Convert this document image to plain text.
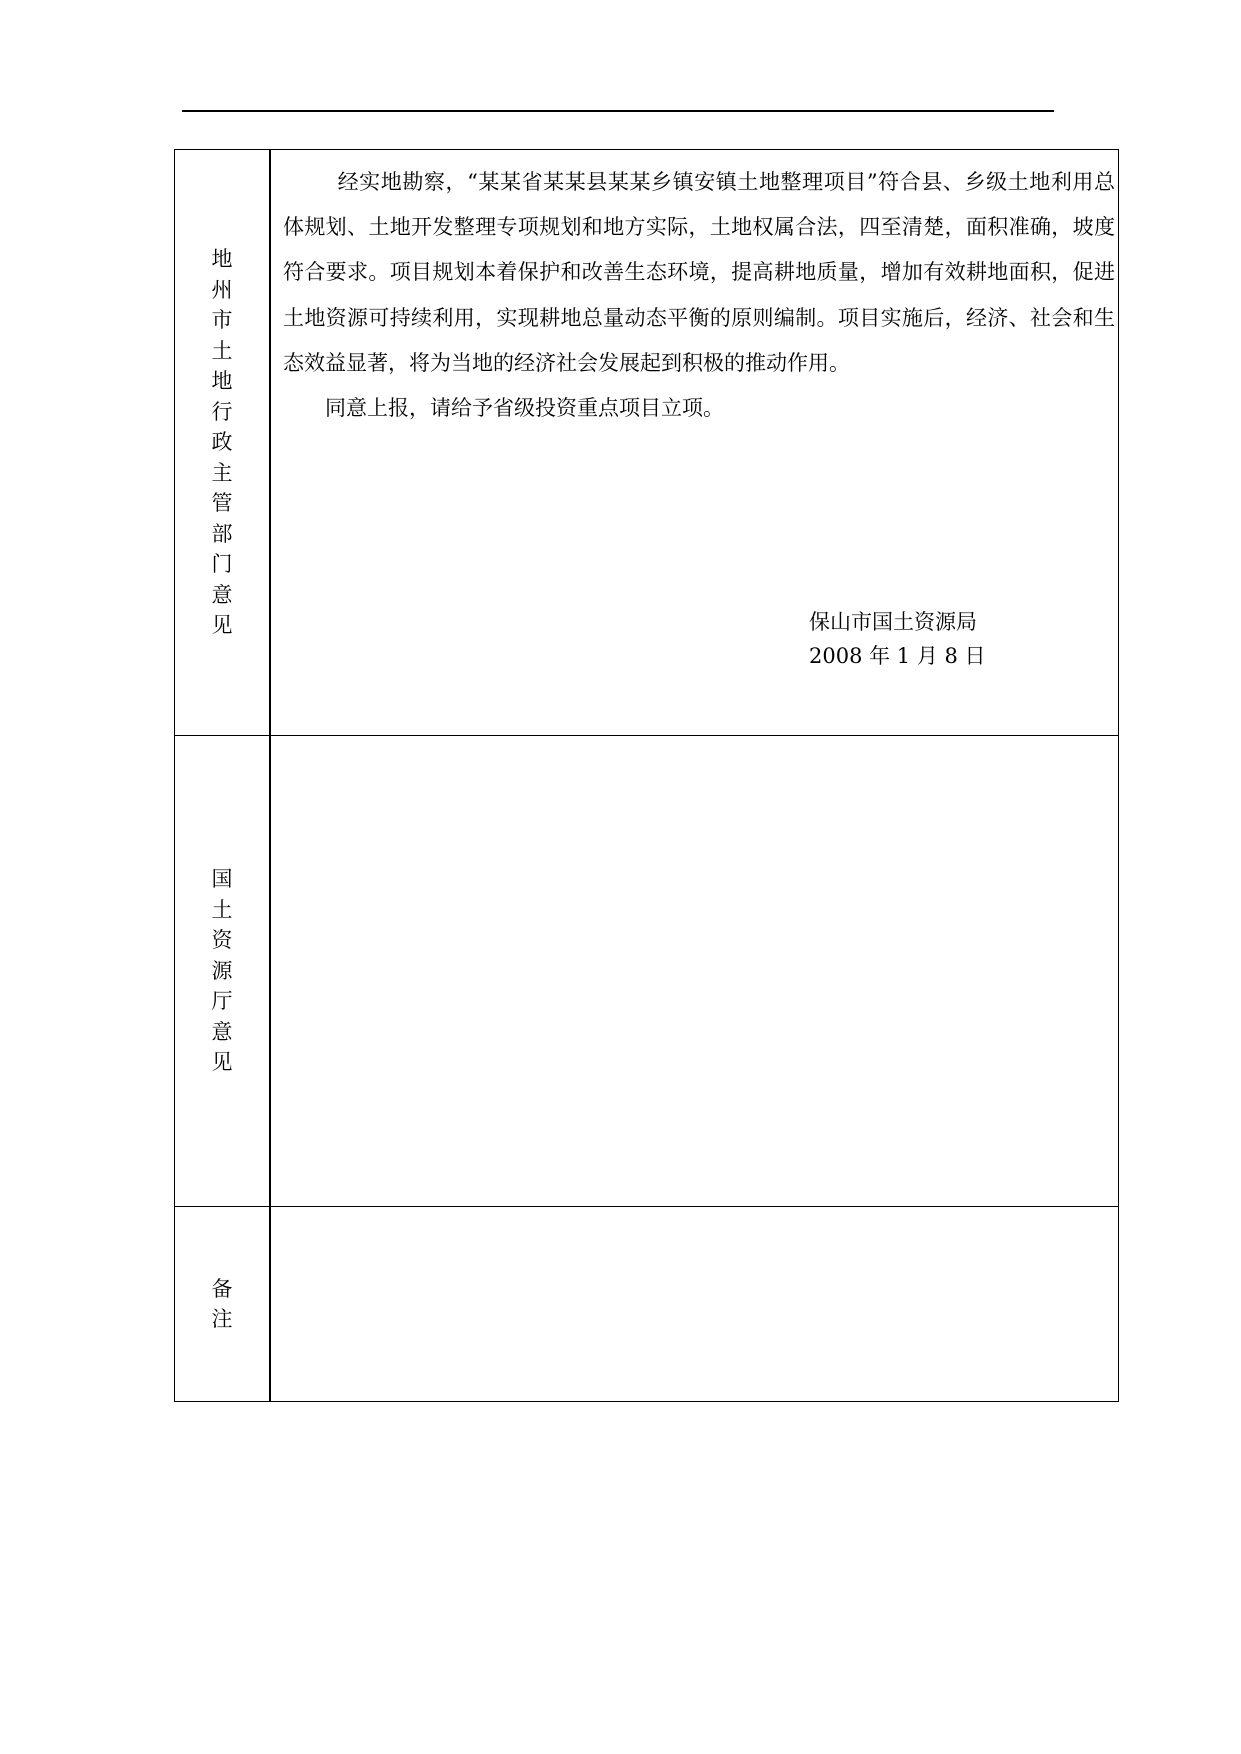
地州市土地行政主管部门意见	经实地勘察，“某某省某某县某某乡镇安镇土地整理项目”符合县、乡级土地利用总体规划、土地开发整理专项规划和地方实际，土地权属合法，四至清楚，面积准确，坡度符合要求。项目规划本着保护和改善生态环境，提高耕地质量，增加有效耕地面积，促进土地资源可持续利用，实现耕地总量动态平衡的原则编制。项目实施后，经济、社会和生态效益显著，将为当地的经济社会发展起到积极的推动作用。

同意上报，请给予省级投资重点项目立项。

保山市国土资源局
2008 年 1 月 8 日

国土资源厅意见	
备注	
